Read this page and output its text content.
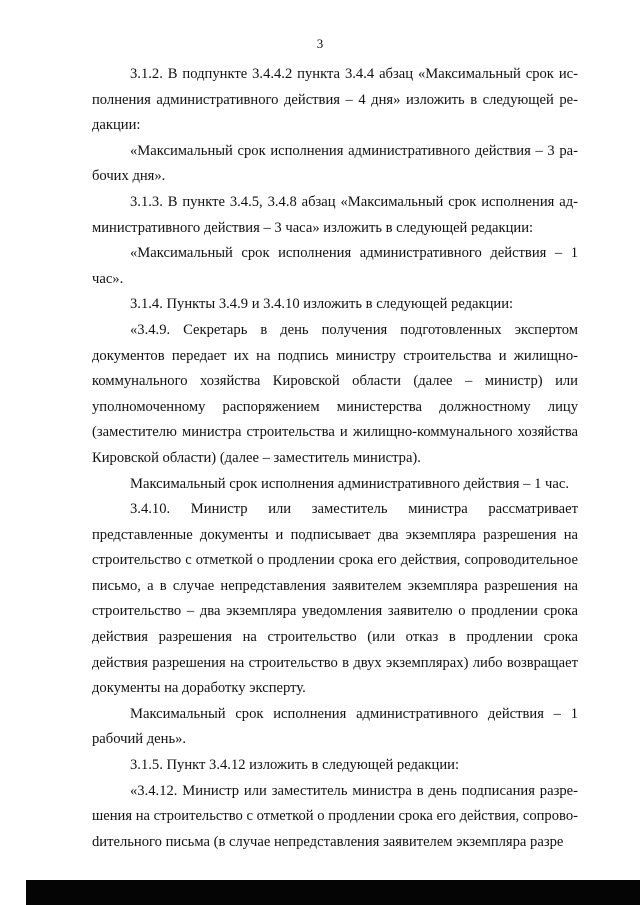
3

3.1.2. В подпункте 3.4.4.2 пункта 3.4.4 абзац «Максимальный срок исполнения административного действия – 4 дня» изложить в следующей редакции:

«Максимальный срок исполнения административного действия – 3 рабочих дня».

3.1.3. В пункте 3.4.5, 3.4.8 абзац «Максимальный срок исполнения административного действия – 3 часа» изложить в следующей редакции:

«Максимальный срок исполнения административного действия – 1 час».

3.1.4. Пункты 3.4.9 и 3.4.10 изложить в следующей редакции:

«3.4.9. Секретарь в день получения подготовленных экспертом документов передает их на подпись министру строительства и жилищно-коммунального хозяйства Кировской области (далее – министр) или уполномоченному распоряжением министерства должностному лицу (заместителю министра строительства и жилищно-коммунального хозяйства Кировской области) (далее – заместитель министра).

Максимальный срок исполнения административного действия – 1 час.

3.4.10. Министр или заместитель министра рассматривает представленные документы и подписывает два экземпляра разрешения на строительство с отметкой о продлении срока его действия, сопроводительное письмо, а в случае непредставления заявителем экземпляра разрешения на строительство – два экземпляра уведомления заявителю о продлении срока действия разрешения на строительство (или отказ в продлении срока действия разрешения на строительство в двух экземплярах) либо возвращает документы на доработку эксперту.

Максимальный срок исполнения административного действия – 1 рабочий день».

3.1.5. Пункт 3.4.12 изложить в следующей редакции:

«3.4.12. Министр или заместитель министра в день подписания разрешения на строительство с отметкой о продлении срока его действия, сопровоdительного письма (в случае непредставления заявителем экземпляра разре
